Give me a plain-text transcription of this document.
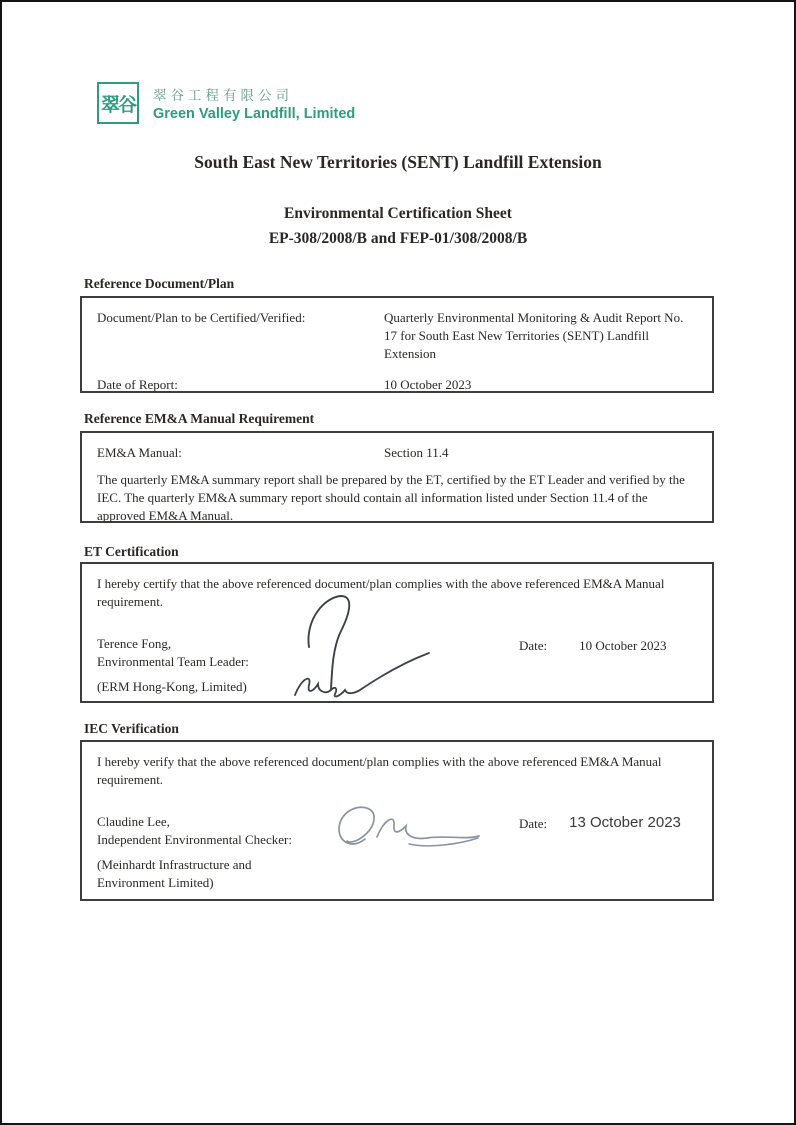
翠谷 翠谷工程有限公司
Green Valley Landfill, Limited
South East New Territories (SENT) Landfill Extension
Environmental Certification Sheet
EP-308/2008/B and FEP-01/308/2008/B
Reference Document/Plan
Document/Plan to be Certified/Verified:	Quarterly Environmental Monitoring & Audit Report No. 17 for South East New Territories (SENT) Landfill Extension
Date of Report:	10 October 2023
Reference EM&A Manual Requirement
EM&A Manual:	Section 11.4
The quarterly EM&A summary report shall be prepared by the ET, certified by the ET Leader and verified by the IEC. The quarterly EM&A summary report should contain all information listed under Section 11.4 of the approved EM&A Manual.
ET Certification
I hereby certify that the above referenced document/plan complies with the above referenced EM&A Manual requirement.
Terence Fong,
Environmental Team Leader:
(ERM Hong-Kong, Limited)
Date: 10 October 2023
IEC Verification
I hereby verify that the above referenced document/plan complies with the above referenced EM&A Manual requirement.
Claudine Lee,
Independent Environmental Checker:
(Meinhardt Infrastructure and
Environment Limited)
Date: 13 October 2023
